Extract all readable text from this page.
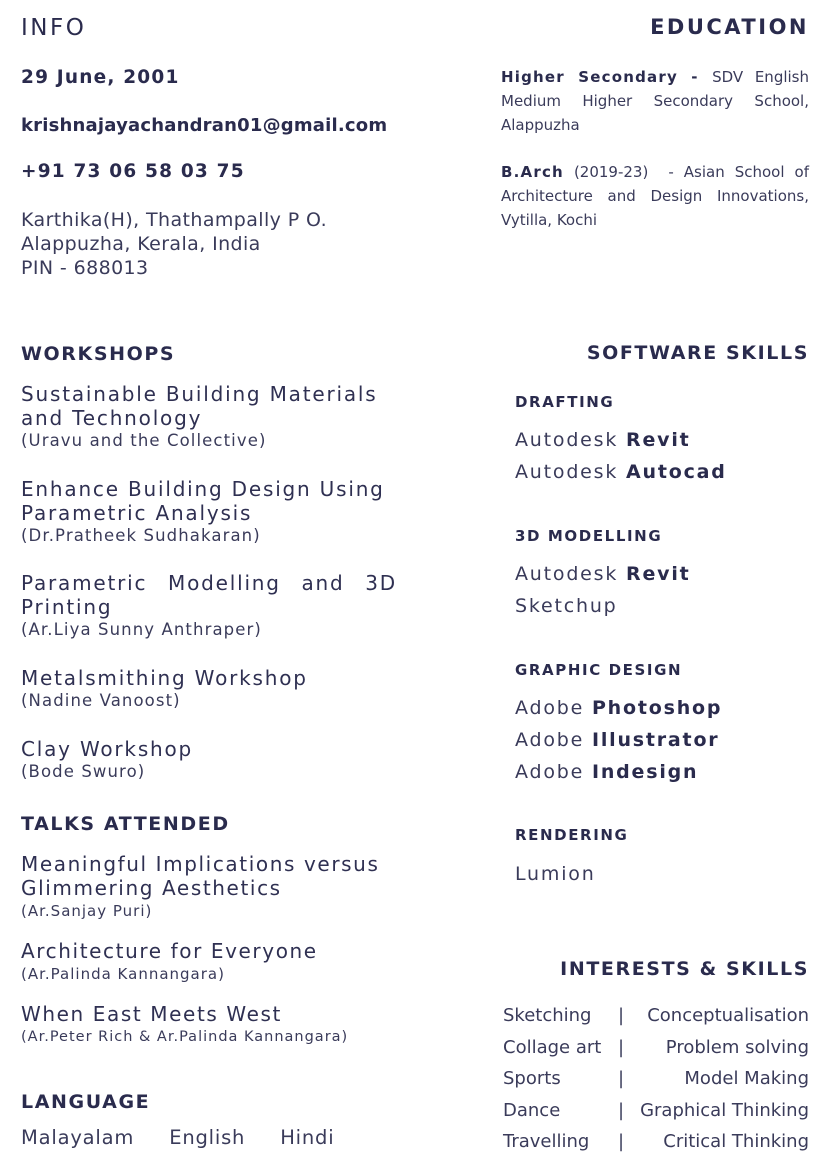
INFO
29 June, 2001
krishnajayachandran01@gmail.com
+91 73 06 58 03 75
Karthika(H), Thathampally P O.
Alappuzha, Kerala, India
PIN - 688013
EDUCATION
Higher Secondary - SDV English Medium Higher Secondary School, Alappuzha
B.Arch (2019-23)  - Asian School of Architecture and Design Innovations, Vytilla, Kochi
WORKSHOPS
Sustainable Building Materials and Technology
(Uravu and the Collective)
Enhance Building Design Using Parametric Analysis
(Dr.Pratheek Sudhakaran)
Parametric Modelling and 3D Printing
(Ar.Liya Sunny Anthraper)
Metalsmithing Workshop
(Nadine Vanoost)
Clay Workshop
(Bode Swuro)
TALKS ATTENDED
Meaningful Implications versus Glimmering Aesthetics
(Ar.Sanjay Puri)
Architecture for Everyone
(Ar.Palinda Kannangara)
When East Meets West
(Ar.Peter Rich & Ar.Palinda Kannangara)
LANGUAGE
Malayalam English Hindi
SOFTWARE SKILLS
DRAFTING
Autodesk Revit
Autodesk Autocad
3D MODELLING
Autodesk Revit
Sketchup
GRAPHIC DESIGN
Adobe Photoshop
Adobe Illustrator
Adobe Indesign
RENDERING
Lumion
INTERESTS & SKILLS
Sketching | Conceptualisation
Collage art | Problem solving
Sports	|	Model Making
Dance	| Graphical Thinking
Travelling | Critical Thinking
